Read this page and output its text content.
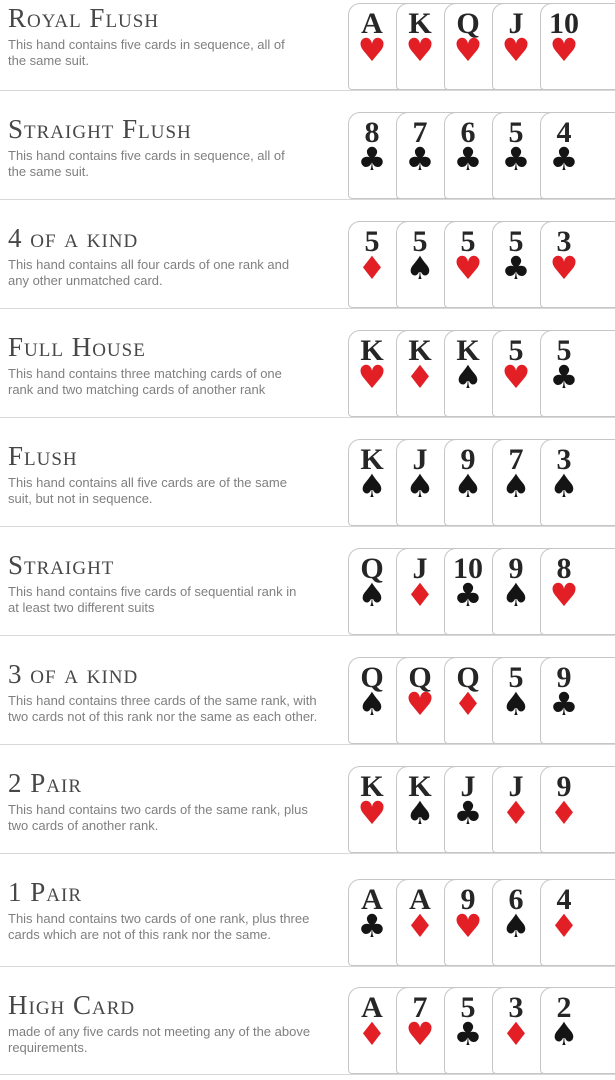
Royal Flush
This hand contains five cards in sequence, all of
the same suit.
A
♥
K
♥
Q
♥
J
♥
10
♥
Straight Flush
This hand contains five cards in sequence, all of
the same suit.
8
♣
7
♣
6
♣
5
♣
4
♣
4 of a kind
This hand contains all four cards of one rank and
any other unmatched card.
5
♦
5
♠
5
♥
5
♣
3
♥
Full House
This hand contains three matching cards of one
rank and two matching cards of another rank
K
♥
K
♦
K
♠
5
♥
5
♣
Flush
This hand contains all five cards are of the same
suit, but not in sequence.
K
♠
J
♠
9
♠
7
♠
3
♠
Straight
This hand contains five cards of sequential rank in
at least two different suits
Q
♠
J
♦
10
♣
9
♠
8
♥
3 of a kind
This hand contains three cards of the same rank, with
two cards not of this rank nor the same as each other.
Q
♠
Q
♥
Q
♦
5
♠
9
♣
2 Pair
This hand contains two cards of the same rank, plus
two cards of another rank.
K
♥
K
♠
J
♣
J
♦
9
♦
1 Pair
This hand contains two cards of one rank, plus three
cards which are not of this rank nor the same.
A
♣
A
♦
9
♥
6
♠
4
♦
High Card
made of any five cards not meeting any of the above
requirements.
A
♦
7
♥
5
♣
3
♦
2
♠
